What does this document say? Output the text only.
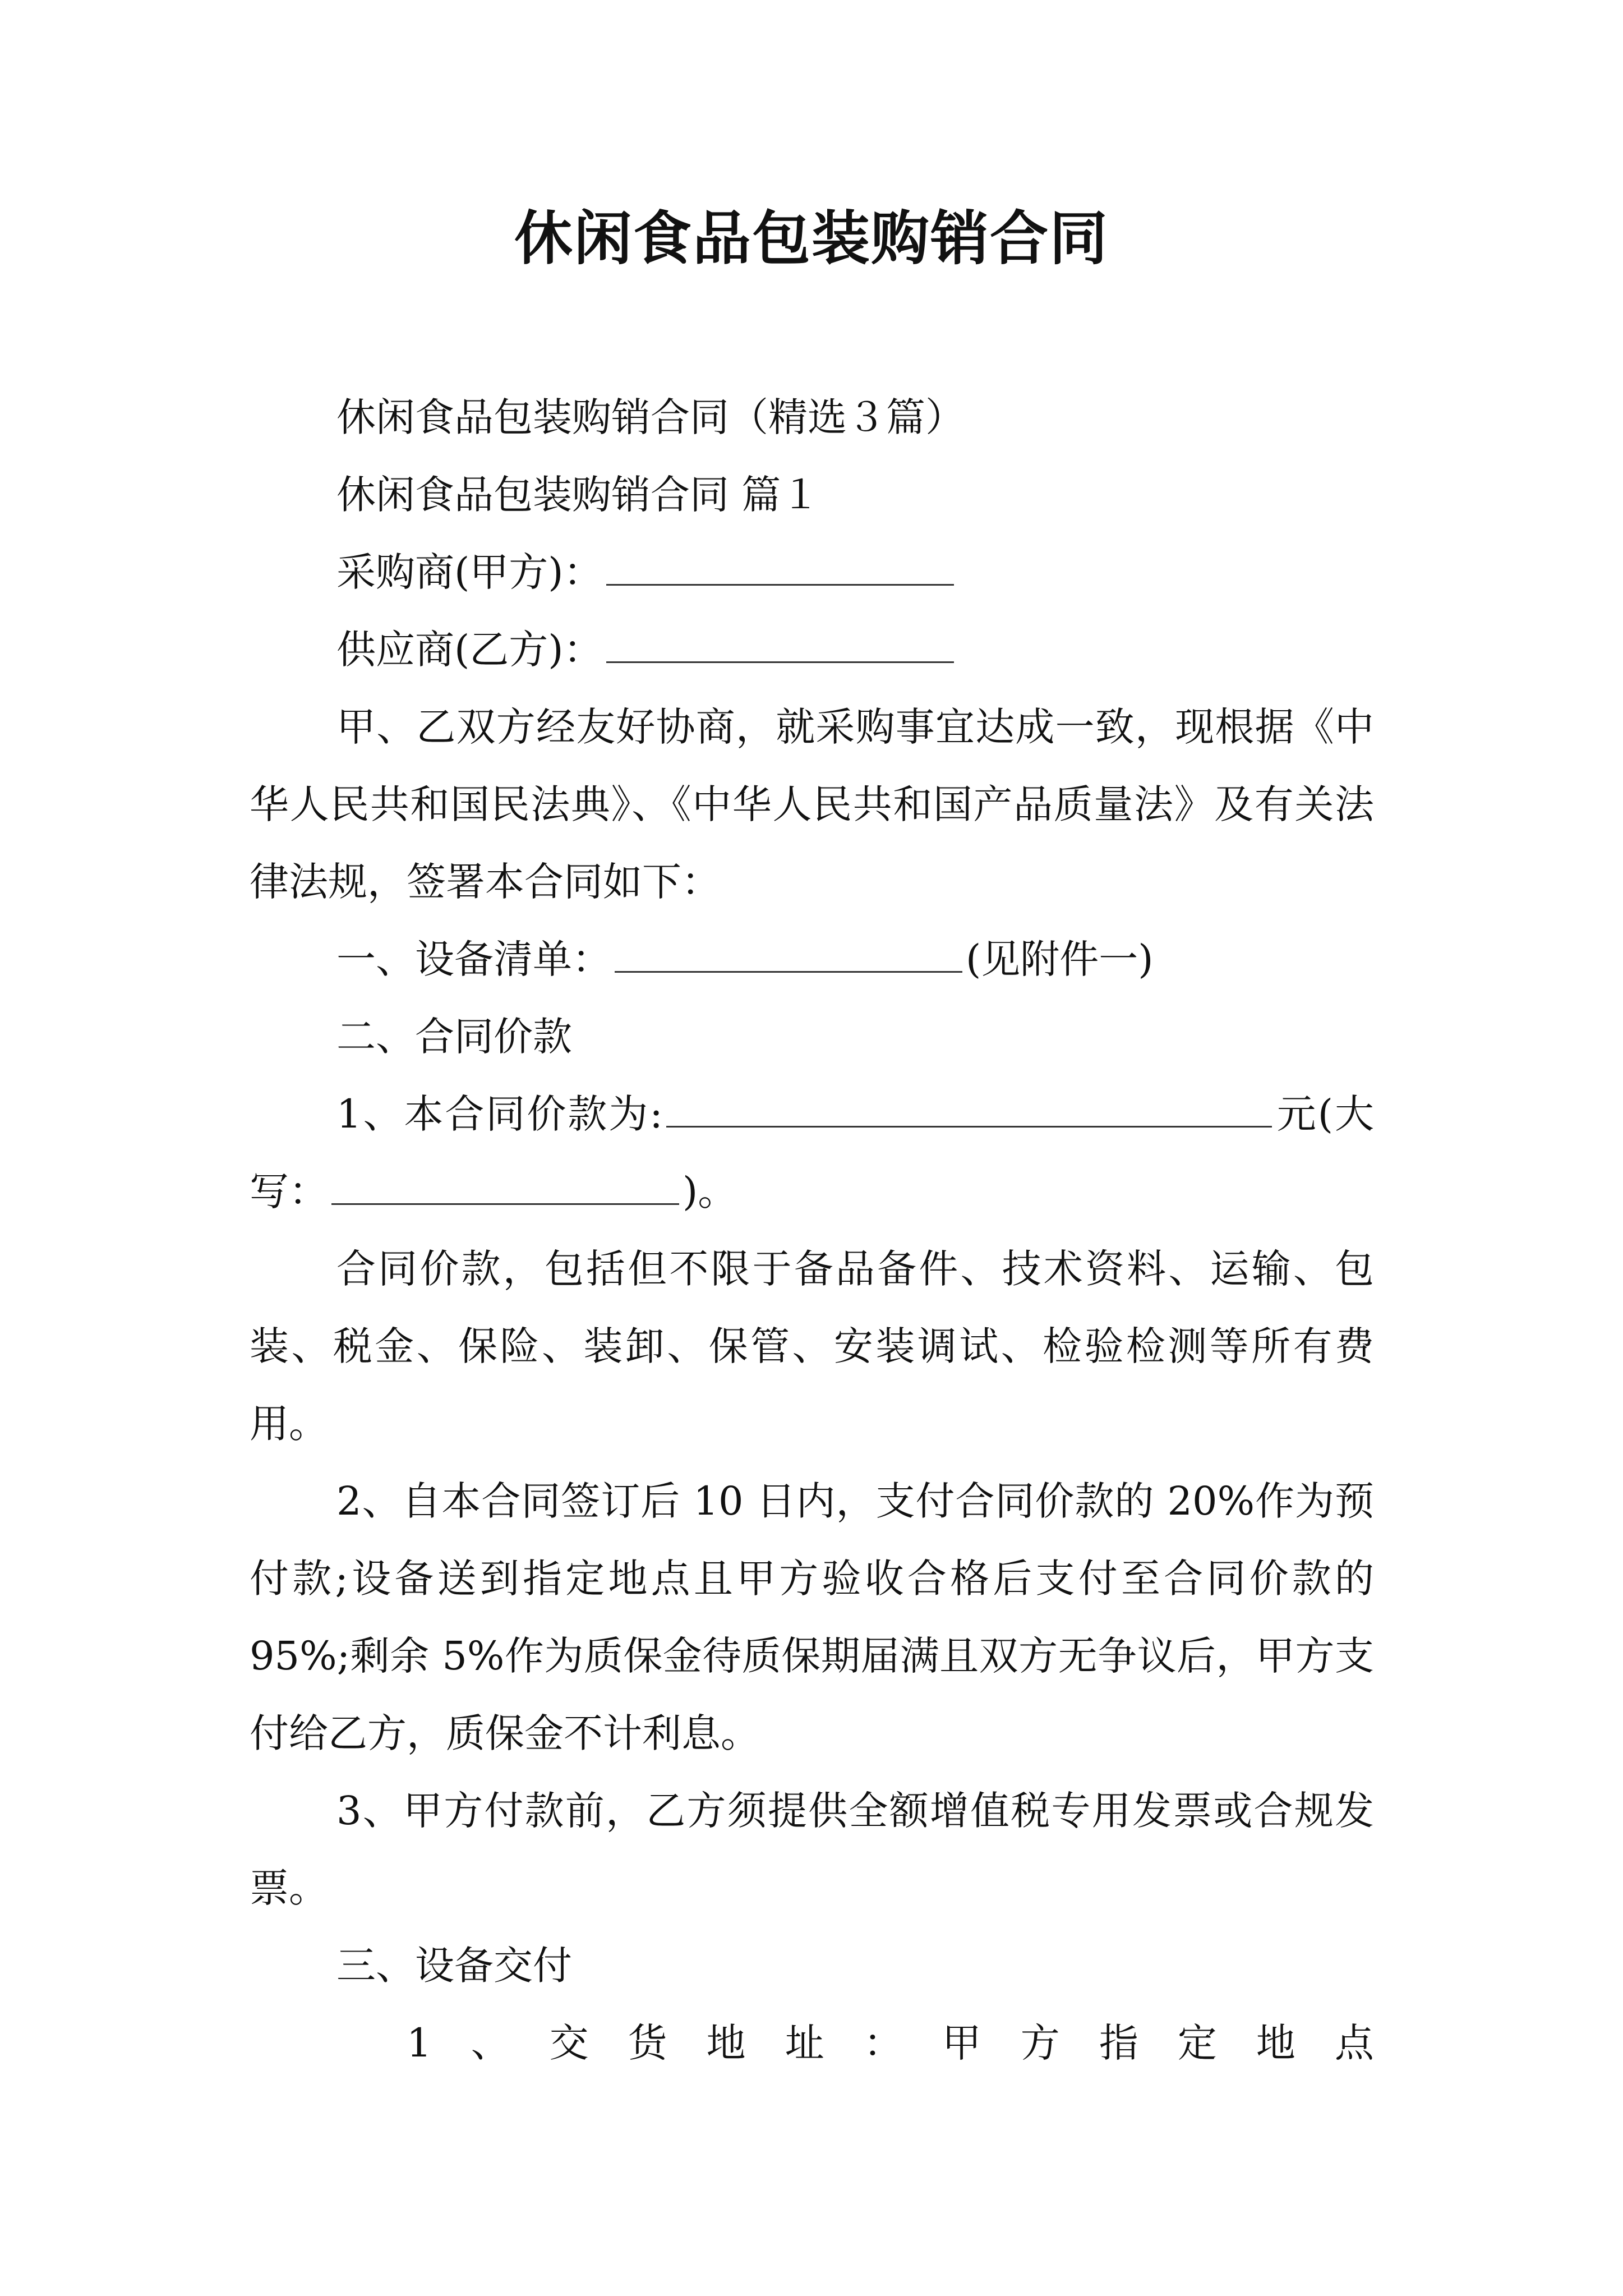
休闲食品包装购销合同

休闲食品包装购销合同（精选３篇）

休闲食品包装购销合同 篇１

采购商(甲方)：

供应商(乙方)：

甲、乙双方经友好协商，就采购事宜达成一致，现根据《中华人民共和国民法典》、《中华人民共和国产品质量法》及有关法律法规，签署本合同如下：

一、设备清单：	(见附件一)

二、合同价款

1、本合同价款为:	元(大写：	)。

合同价款，包括但不限于备品备件、技术资料、运输、包装、税金、保险、装卸、保管、安装调试、检验检测等所有费用。

2、自本合同签订后 10 日内，支付合同价款的 20%作为预付款;设备送到指定地点且甲方验收合格后支付至合同价款的 95%;剩余 5%作为质保金待质保期届满且双方无争议后，甲方支付给乙方，质保金不计利息。

3、甲方付款前，乙方须提供全额增值税专用发票或合规发票。

三、设备交付

1 、 交 货 地 址 ： 甲 方 指 定 地 点
